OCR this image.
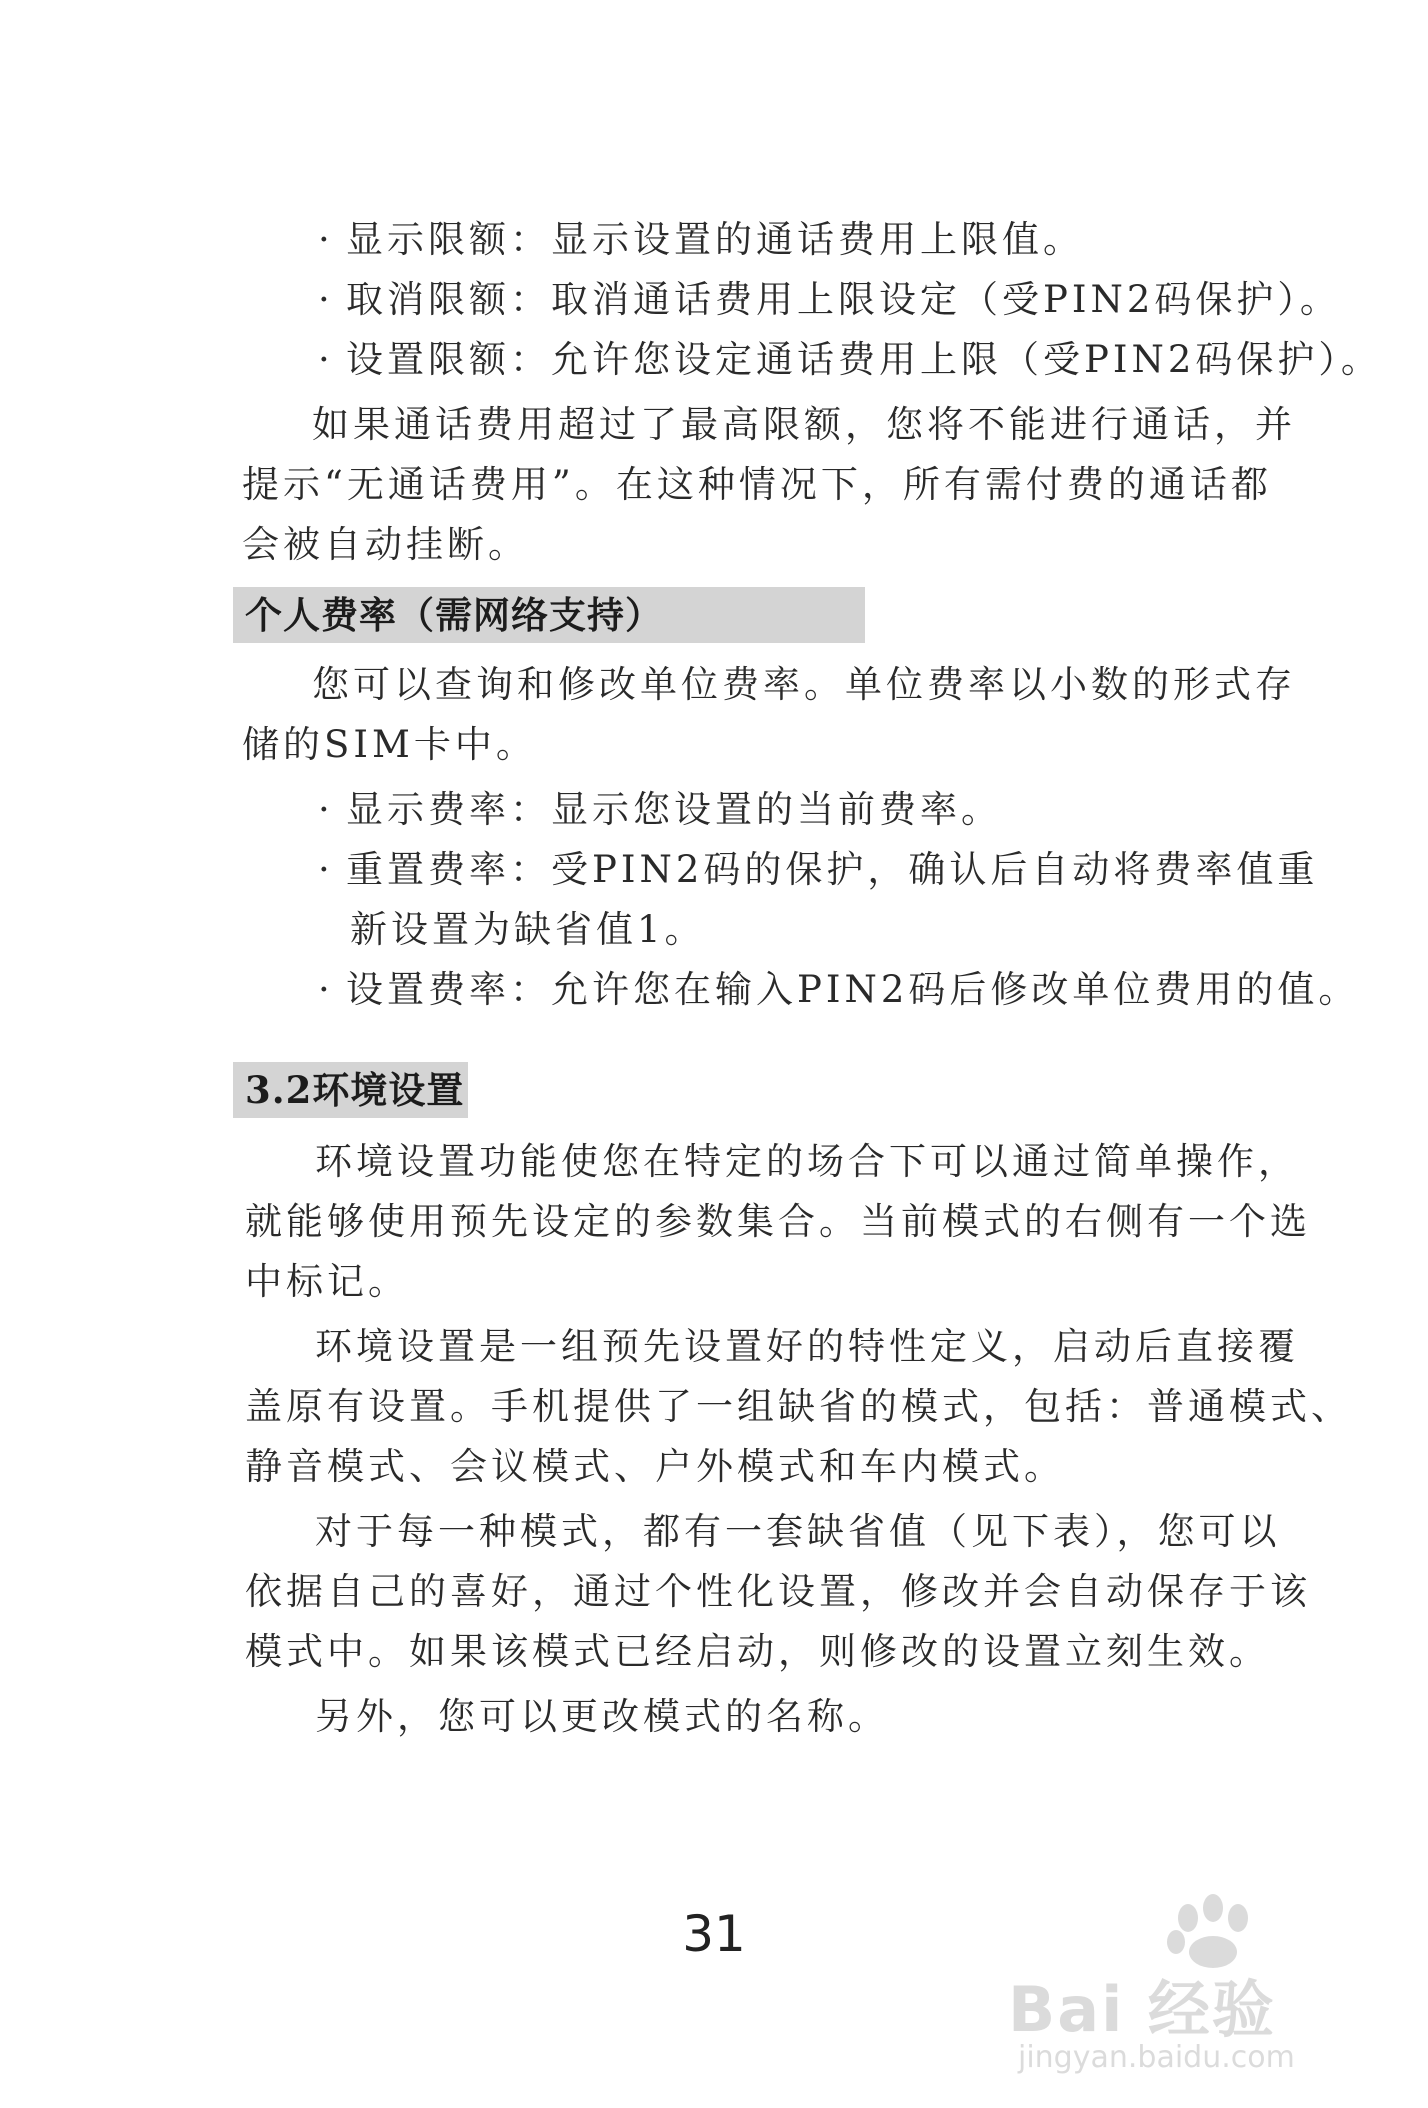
· 显示限额：显示设置的通话费用上限值。
· 取消限额：取消通话费用上限设定（受PIN2码保护）。
· 设置限额：允许您设定通话费用上限（受PIN2码保护）。
如果通话费用超过了最高限额，您将不能进行通话，并
提示“无通话费用”。在这种情况下，所有需付费的通话都
会被自动挂断。
个人费率（需网络支持）
您可以查询和修改单位费率。单位费率以小数的形式存
储的SIM卡中。
· 显示费率：显示您设置的当前费率。
· 重置费率：受PIN2码的保护，确认后自动将费率值重
新设置为缺省值1。
· 设置费率：允许您在输入PIN2码后修改单位费用的值。
3.2环境设置
环境设置功能使您在特定的场合下可以通过简单操作，
就能够使用预先设定的参数集合。当前模式的右侧有一个选
中标记。
环境设置是一组预先设置好的特性定义，启动后直接覆
盖原有设置。手机提供了一组缺省的模式，包括：普通模式、
静音模式、会议模式、户外模式和车内模式。
对于每一种模式，都有一套缺省值（见下表），您可以
依据自己的喜好，通过个性化设置，修改并会自动保存于该
模式中。如果该模式已经启动，则修改的设置立刻生效。
另外，您可以更改模式的名称。
31
Bai 经验
jingyan.baidu.com
